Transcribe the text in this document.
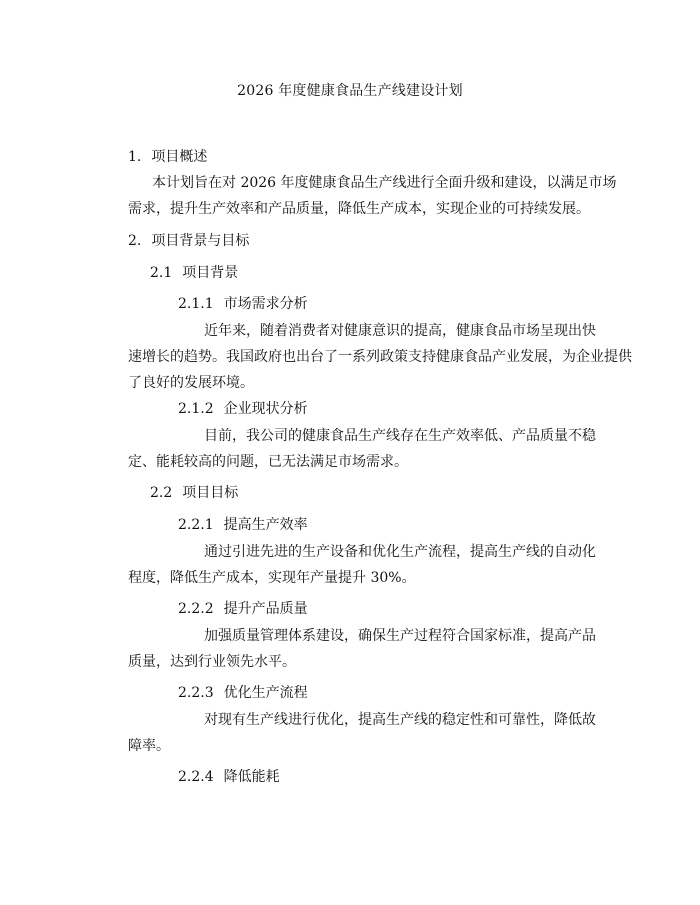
2026 年度健康食品生产线建设计划
1. 项目概述
本计划旨在对 2026 年度健康食品生产线进行全面升级和建设，以满足市场
需求，提升生产效率和产品质量，降低生产成本，实现企业的可持续发展。
2. 项目背景与目标
2.1 项目背景
2.1.1 市场需求分析
近年来，随着消费者对健康意识的提高，健康食品市场呈现出快
速增长的趋势。我国政府也出台了一系列政策支持健康食品产业发展，为企业提供
了良好的发展环境。
2.1.2 企业现状分析
目前，我公司的健康食品生产线存在生产效率低、产品质量不稳
定、能耗较高的问题，已无法满足市场需求。
2.2 项目目标
2.2.1 提高生产效率
通过引进先进的生产设备和优化生产流程，提高生产线的自动化
程度，降低生产成本，实现年产量提升 30%。
2.2.2 提升产品质量
加强质量管理体系建设，确保生产过程符合国家标准，提高产品
质量，达到行业领先水平。
2.2.3 优化生产流程
对现有生产线进行优化，提高生产线的稳定性和可靠性，降低故
障率。
2.2.4 降低能耗
